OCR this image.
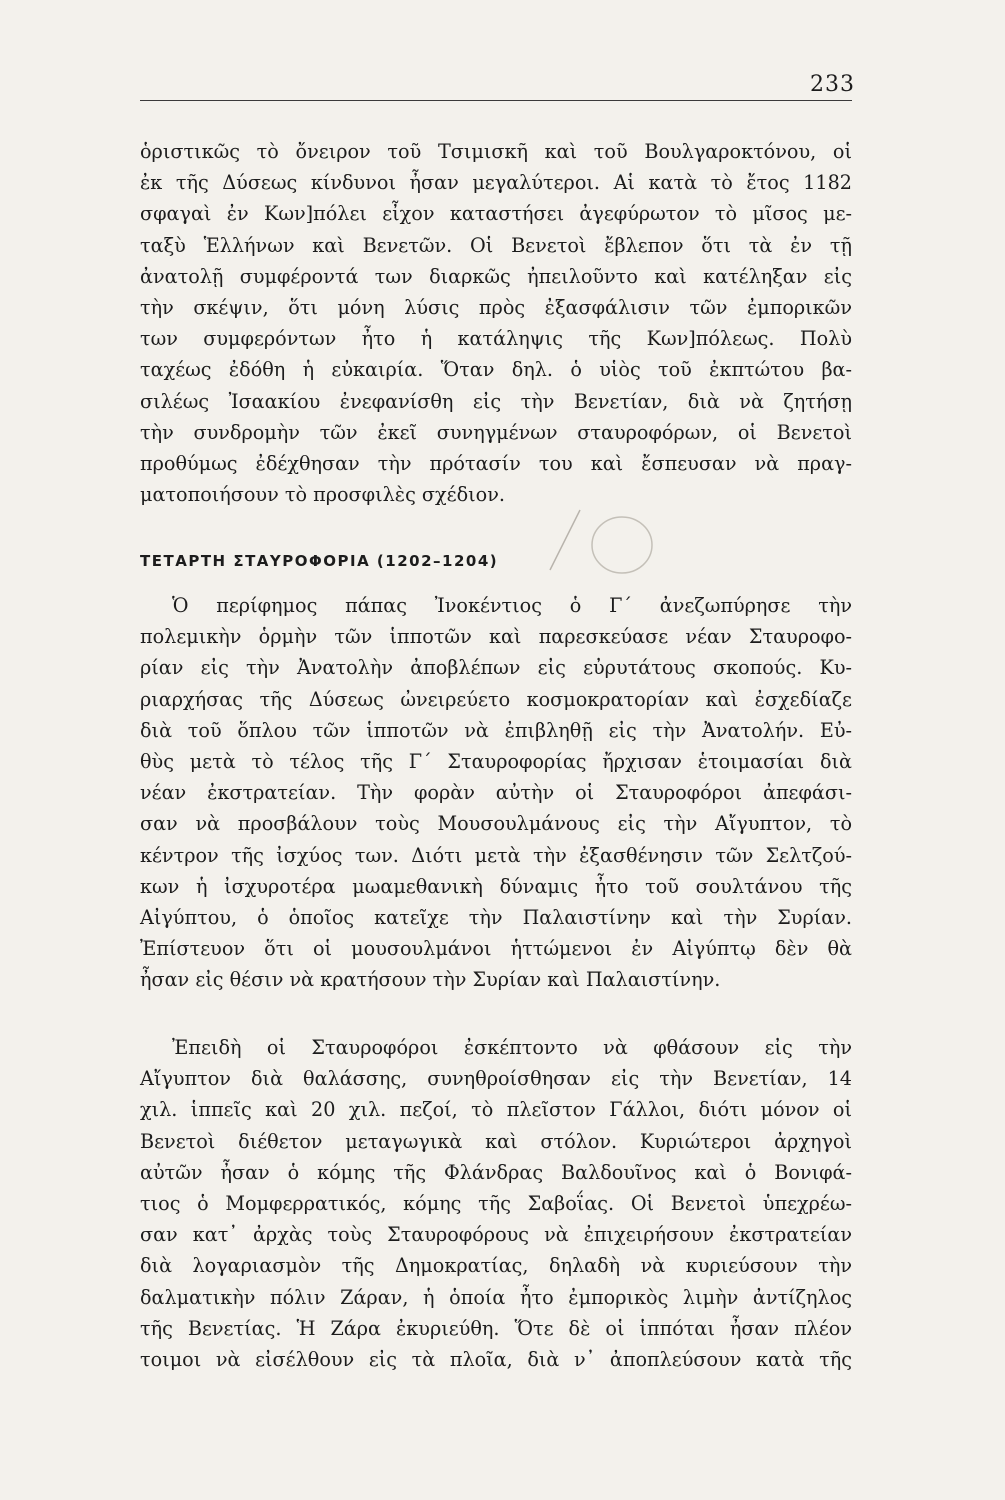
233
ὁριστικῶς τὸ ὄνειρον τοῦ Τσιμισκῆ καὶ τοῦ Βουλγαροκτόνου, οἱ
ἐκ τῆς Δύσεως κίνδυνοι ἦσαν μεγαλύτεροι. Αἱ κατὰ τὸ ἔτος 1182
σφαγαὶ ἐν Κων]πόλει εἶχον καταστήσει ἀγεφύρωτον τὸ μῖσος με-
ταξὺ Ἑλλήνων καὶ Βενετῶν. Οἱ Βενετοὶ ἔβλεπον ὅτι τὰ ἐν τῇ
ἀνατολῇ συμφέροντά των διαρκῶς ἠπειλοῦντο καὶ κατέληξαν εἰς
τὴν σκέψιν, ὅτι μόνη λύσις πρὸς ἐξασφάλισιν τῶν ἐμπορικῶν
των συμφερόντων ἦτο ἡ κατάληψις τῆς Κων]πόλεως. Πολὺ
ταχέως ἐδόθη ἡ εὐκαιρία. Ὅταν δηλ. ὁ υἱὸς τοῦ ἐκπτώτου βα-
σιλέως Ἰσαακίου ἐνεφανίσθη εἰς τὴν Βενετίαν, διὰ νὰ ζητήσῃ
τὴν συνδρομὴν τῶν ἐκεῖ συνηγμένων σταυροφόρων, οἱ Βενετοὶ
προθύμως ἐδέχθησαν τὴν πρότασίν του καὶ ἔσπευσαν νὰ πραγ-
ματοποιήσουν τὸ προσφιλὲς σχέδιον.
ΤΕΤΑΡΤΗ ΣΤΑΥΡΟΦΟΡΙΑ (1202–1204)
Ὁ περίφημος πάπας Ἰνοκέντιος ὁ Γ΄ ἀνεζωπύρησε τὴν
πολεμικὴν ὁρμὴν τῶν ἱπποτῶν καὶ παρεσκεύασε νέαν Σταυροφο-
ρίαν εἰς τὴν Ἀνατολὴν ἀποβλέπων εἰς εὐρυτάτους σκοπούς. Κυ-
ριαρχήσας τῆς Δύσεως ὠνειρεύετο κοσμοκρατορίαν καὶ ἐσχεδίαζε
διὰ τοῦ ὅπλου τῶν ἱπποτῶν νὰ ἐπιβληθῇ εἰς τὴν Ἀνατολήν. Εὐ-
θὺς μετὰ τὸ τέλος τῆς Γ΄ Σταυροφορίας ἤρχισαν ἑτοιμασίαι διὰ
νέαν ἐκστρατείαν. Τὴν φορὰν αὐτὴν οἱ Σταυροφόροι ἀπεφάσι-
σαν νὰ προσβάλουν τοὺς Μουσουλμάνους εἰς τὴν Αἴγυπτον, τὸ
κέντρον τῆς ἰσχύος των. Διότι μετὰ τὴν ἐξασθένησιν τῶν Σελτζού-
κων ἡ ἰσχυροτέρα μωαμεθανικὴ δύναμις ἦτο τοῦ σουλτάνου τῆς
Αἰγύπτου, ὁ ὁποῖος κατεῖχε τὴν Παλαιστίνην καὶ τὴν Συρίαν.
Ἐπίστευον ὅτι οἱ μουσουλμάνοι ἡττώμενοι ἐν Αἰγύπτῳ δὲν θὰ
ἦσαν εἰς θέσιν νὰ κρατήσουν τὴν Συρίαν καὶ Παλαιστίνην.
Ἐπειδὴ οἱ Σταυροφόροι ἐσκέπτοντο νὰ φθάσουν εἰς τὴν
Αἴγυπτον διὰ θαλάσσης, συνηθροίσθησαν εἰς τὴν Βενετίαν, 14
χιλ. ἱππεῖς καὶ 20 χιλ. πεζοί, τὸ πλεῖστον Γάλλοι, διότι μόνον οἱ
Βενετοὶ διέθετον μεταγωγικὰ καὶ στόλον. Κυριώτεροι ἀρχηγοὶ
αὐτῶν ἦσαν ὁ κόμης τῆς Φλάνδρας Βαλδουῖνος καὶ ὁ Βονιφά-
τιος ὁ Μομφερρατικός, κόμης τῆς Σαβοΐας. Οἱ Βενετοὶ ὑπεχρέω-
σαν κατ᾽ ἀρχὰς τοὺς Σταυροφόρους νὰ ἐπιχειρήσουν ἐκστρατείαν
διὰ λογαριασμὸν τῆς Δημοκρατίας, δηλαδὴ νὰ κυριεύσουν τὴν
δαλματικὴν πόλιν Ζάραν, ἡ ὁποία ἦτο ἐμπορικὸς λιμὴν ἀντίζηλος
τῆς Βενετίας. Ἡ Ζάρα ἐκυριεύθη. Ὅτε δὲ οἱ ἱππόται ἦσαν πλέον
τοιμοι νὰ εἰσέλθουν εἰς τὰ πλοῖα, διὰ ν᾽ ἀποπλεύσουν κατὰ τῆς
